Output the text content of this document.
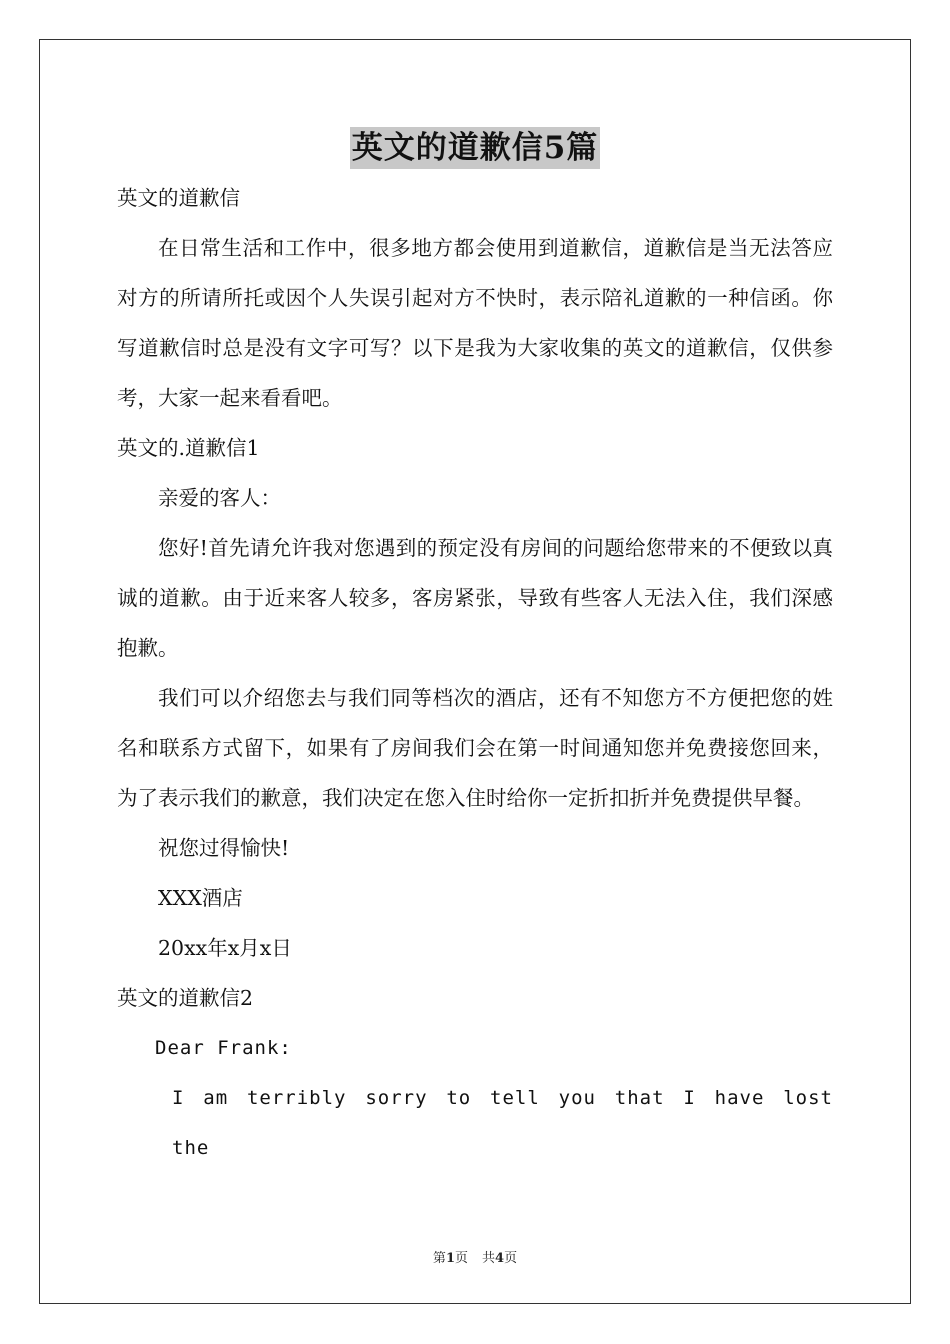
英文的道歉信5篇

英文的道歉信

在日常生活和工作中，很多地方都会使用到道歉信，道歉信是当无法答应对方的所请所托或因个人失误引起对方不快时，表示陪礼道歉的一种信函。你写道歉信时总是没有文字可写？以下是我为大家收集的英文的道歉信，仅供参考，大家一起来看看吧。

英文的.道歉信1

亲爱的客人：

您好!首先请允许我对您遇到的预定没有房间的问题给您带来的不便致以真诚的道歉。由于近来客人较多，客房紧张，导致有些客人无法入住，我们深感抱歉。

我们可以介绍您去与我们同等档次的酒店，还有不知您方不方便把您的姓名和联系方式留下，如果有了房间我们会在第一时间通知您并免费接您回来，为了表示我们的歉意，我们决定在您入住时给你一定折扣折并免费提供早餐。

祝您过得愉快!

XXX酒店

20xx年x月x日

英文的道歉信2

Dear Frank:

I am terribly sorry to tell you that I have lost the

第1页 共4页
